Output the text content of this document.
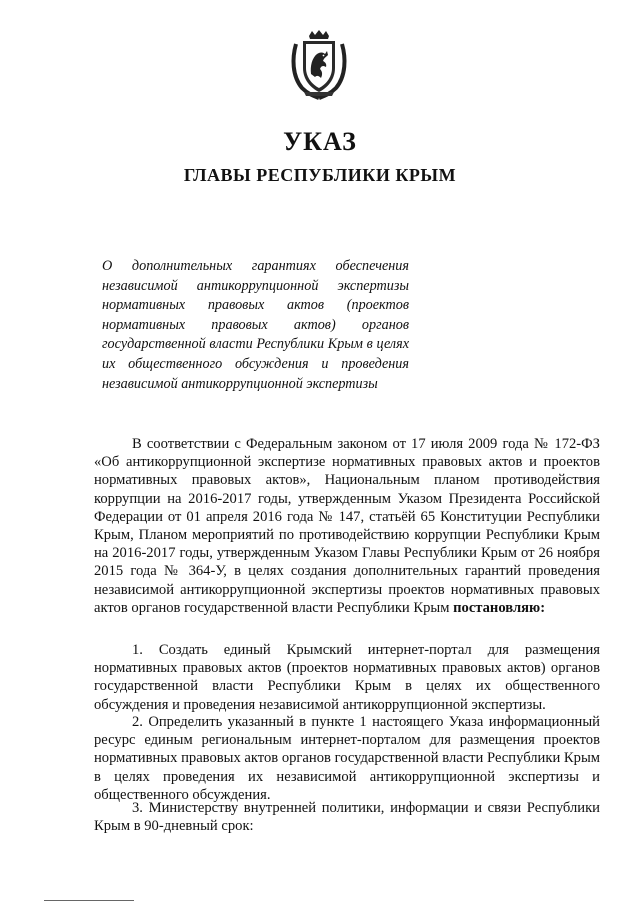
УКАЗ
ГЛАВЫ РЕСПУБЛИКИ КРЫМ

О дополнительных гарантиях обеспечения независимой антикоррупционной экспертизы нормативных правовых актов (проектов нормативных правовых актов) органов государственной власти Республики Крым в целях их общественного обсуждения и проведения независимой антикоррупционной экспертизы

В соответствии с Федеральным законом от 17 июля 2009 года № 172-ФЗ «Об антикоррупционной экспертизе нормативных правовых актов и проектов нормативных правовых актов», Национальным планом противодействия коррупции на 2016-2017 годы, утвержденным Указом Президента Российской Федерации от 01 апреля 2016 года № 147, статьёй 65 Конституции Республики Крым, Планом мероприятий по противодействию коррупции Республики Крым на 2016-2017 годы, утвержденным Указом Главы Республики Крым от 26 ноября 2015 года № 364-У, в целях создания дополнительных гарантий проведения независимой антикоррупционной экспертизы проектов нормативных правовых актов органов государственной власти Республики Крым постановляю:

1. Создать единый Крымский интернет-портал для размещения нормативных правовых актов (проектов нормативных правовых актов) органов государственной власти Республики Крым в целях их общественного обсуждения и проведения независимой антикоррупционной экспертизы.

2. Определить указанный в пункте 1 настоящего Указа информационный ресурс единым региональным интернет-порталом для размещения проектов нормативных правовых актов органов государственной власти Республики Крым в целях проведения их независимой антикоррупционной экспертизы и общественного обсуждения.

3. Министерству внутренней политики, информации и связи Республики Крым в 90-дневный срок:
